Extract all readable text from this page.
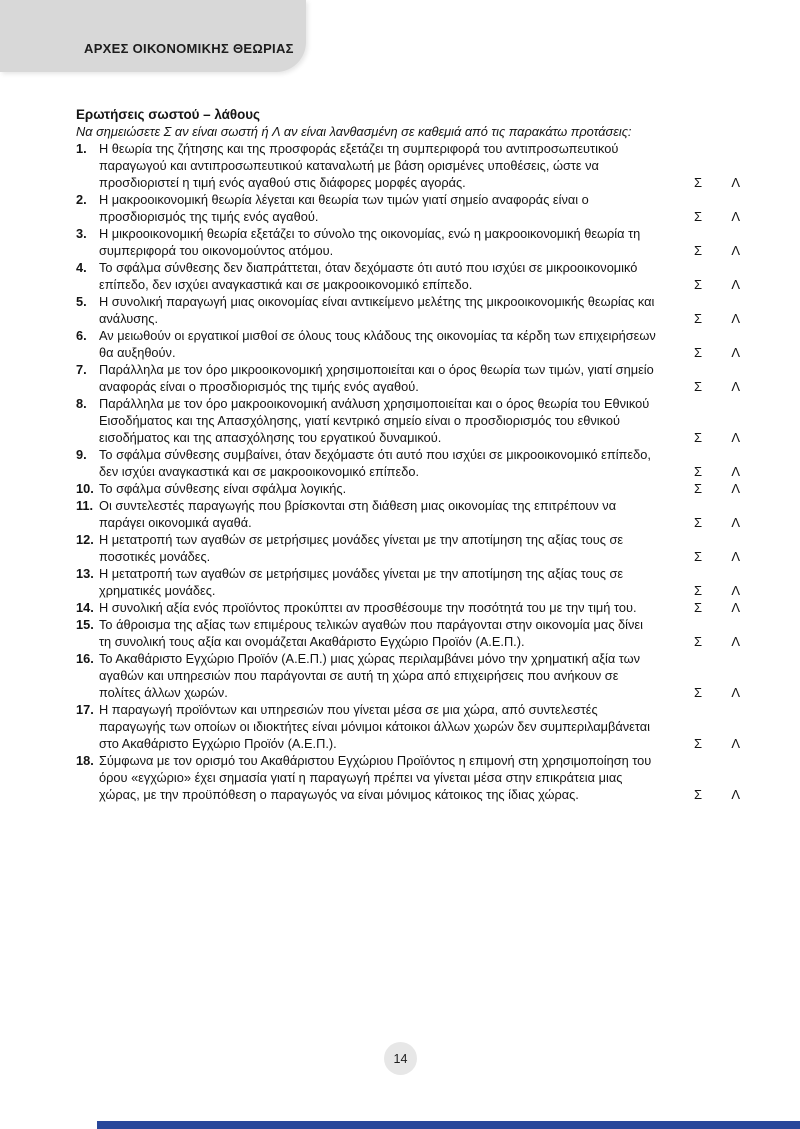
ΑΡΧΕΣ ΟΙΚΟΝΟΜΙΚΗΣ ΘΕΩΡΙΑΣ
Ερωτήσεις σωστού – λάθους
Να σημειώσετε Σ αν είναι σωστή ή Λ αν είναι λανθασμένη σε καθεμιά από τις παρακάτω προτάσεις:
1. Η θεωρία της ζήτησης και της προσφοράς εξετάζει τη συμπεριφορά του αντιπροσωπευτικού παραγωγού και αντιπροσωπευτικού καταναλωτή με βάση ορισμένες υποθέσεις, ώστε να προσδιοριστεί η τιμή ενός αγαθού στις διάφορες μορφές αγοράς.	Σ Λ
2. Η μακροοικονομική θεωρία λέγεται και θεωρία των τιμών γιατί σημείο αναφοράς είναι ο προσδιορισμός της τιμής ενός αγαθού.	Σ Λ
3. Η μικροοικονομική θεωρία εξετάζει το σύνολο της οικονομίας, ενώ η μακροοικονομική θεωρία τη συμπεριφορά του οικονομούντος ατόμου.	Σ Λ
4. Το σφάλμα σύνθεσης δεν διαπράττεται, όταν δεχόμαστε ότι αυτό που ισχύει σε μικροοικονομικό επίπεδο, δεν ισχύει αναγκαστικά και σε μακροοικονομικό επίπεδο.	Σ Λ
5. Η συνολική παραγωγή μιας οικονομίας είναι αντικείμενο μελέτης της μικροοικονομικής θεωρίας και ανάλυσης.	Σ Λ
6. Αν μειωθούν οι εργατικοί μισθοί σε όλους τους κλάδους της οικονομίας τα κέρδη των επιχειρήσεων θα αυξηθούν.	Σ Λ
7. Παράλληλα με τον όρο μικροοικονομική χρησιμοποιείται και ο όρος θεωρία των τιμών, γιατί σημείο αναφοράς είναι ο προσδιορισμός της τιμής ενός αγαθού.	Σ Λ
8. Παράλληλα με τον όρο μακροοικονομική ανάλυση χρησιμοποιείται και ο όρος θεωρία του Εθνικού Εισοδήματος και της Απασχόλησης, γιατί κεντρικό σημείο είναι ο προσδιορισμός του εθνικού εισοδήματος και της απασχόλησης του εργατικού δυναμικού.	Σ Λ
9. Το σφάλμα σύνθεσης συμβαίνει, όταν δεχόμαστε ότι αυτό που ισχύει σε μικροοικονομικό επίπεδο, δεν ισχύει αναγκαστικά και σε μακροοικονομικό επίπεδο.	Σ Λ
10. Το σφάλμα σύνθεσης είναι σφάλμα λογικής.	Σ Λ
11. Οι συντελεστές παραγωγής που βρίσκονται στη διάθεση μιας οικονομίας της επιτρέπουν να παράγει οικονομικά αγαθά.	Σ Λ
12. Η μετατροπή των αγαθών σε μετρήσιμες μονάδες γίνεται με την αποτίμηση της αξίας τους σε ποσοτικές μονάδες.	Σ Λ
13. Η μετατροπή των αγαθών σε μετρήσιμες μονάδες γίνεται με την αποτίμηση της αξίας τους σε χρηματικές μονάδες.	Σ Λ
14. Η συνολική αξία ενός προϊόντος προκύπτει αν προσθέσουμε την ποσότητά του με την τιμή του.	Σ Λ
15. Το άθροισμα της αξίας των επιμέρους τελικών αγαθών που παράγονται στην οικονομία μας δίνει τη συνολική τους αξία και ονομάζεται Ακαθάριστο Εγχώριο Προϊόν (Α.Ε.Π.).	Σ Λ
16. Το Ακαθάριστο Εγχώριο Προϊόν (Α.Ε.Π.) μιας χώρας περιλαμβάνει μόνο την χρηματική αξία των αγαθών και υπηρεσιών που παράγονται σε αυτή τη χώρα από επιχειρήσεις που ανήκουν σε πολίτες άλλων χωρών.	Σ Λ
17. Η παραγωγή προϊόντων και υπηρεσιών που γίνεται μέσα σε μια χώρα, από συντελεστές παραγωγής των οποίων οι ιδιοκτήτες είναι μόνιμοι κάτοικοι άλλων χωρών δεν συμπεριλαμβάνεται στο Ακαθάριστο Εγχώριο Προϊόν (Α.Ε.Π.).	Σ Λ
18. Σύμφωνα με τον ορισμό του Ακαθάριστου Εγχώριου Προϊόντος η επιμονή στη χρησιμοποίηση του όρου «εγχώριο» έχει σημασία γιατί η παραγωγή πρέπει να γίνεται μέσα στην επικράτεια μιας χώρας, με την προϋπόθεση ο παραγωγός να είναι μόνιμος κάτοικος της ίδιας χώρας.	Σ Λ
14
